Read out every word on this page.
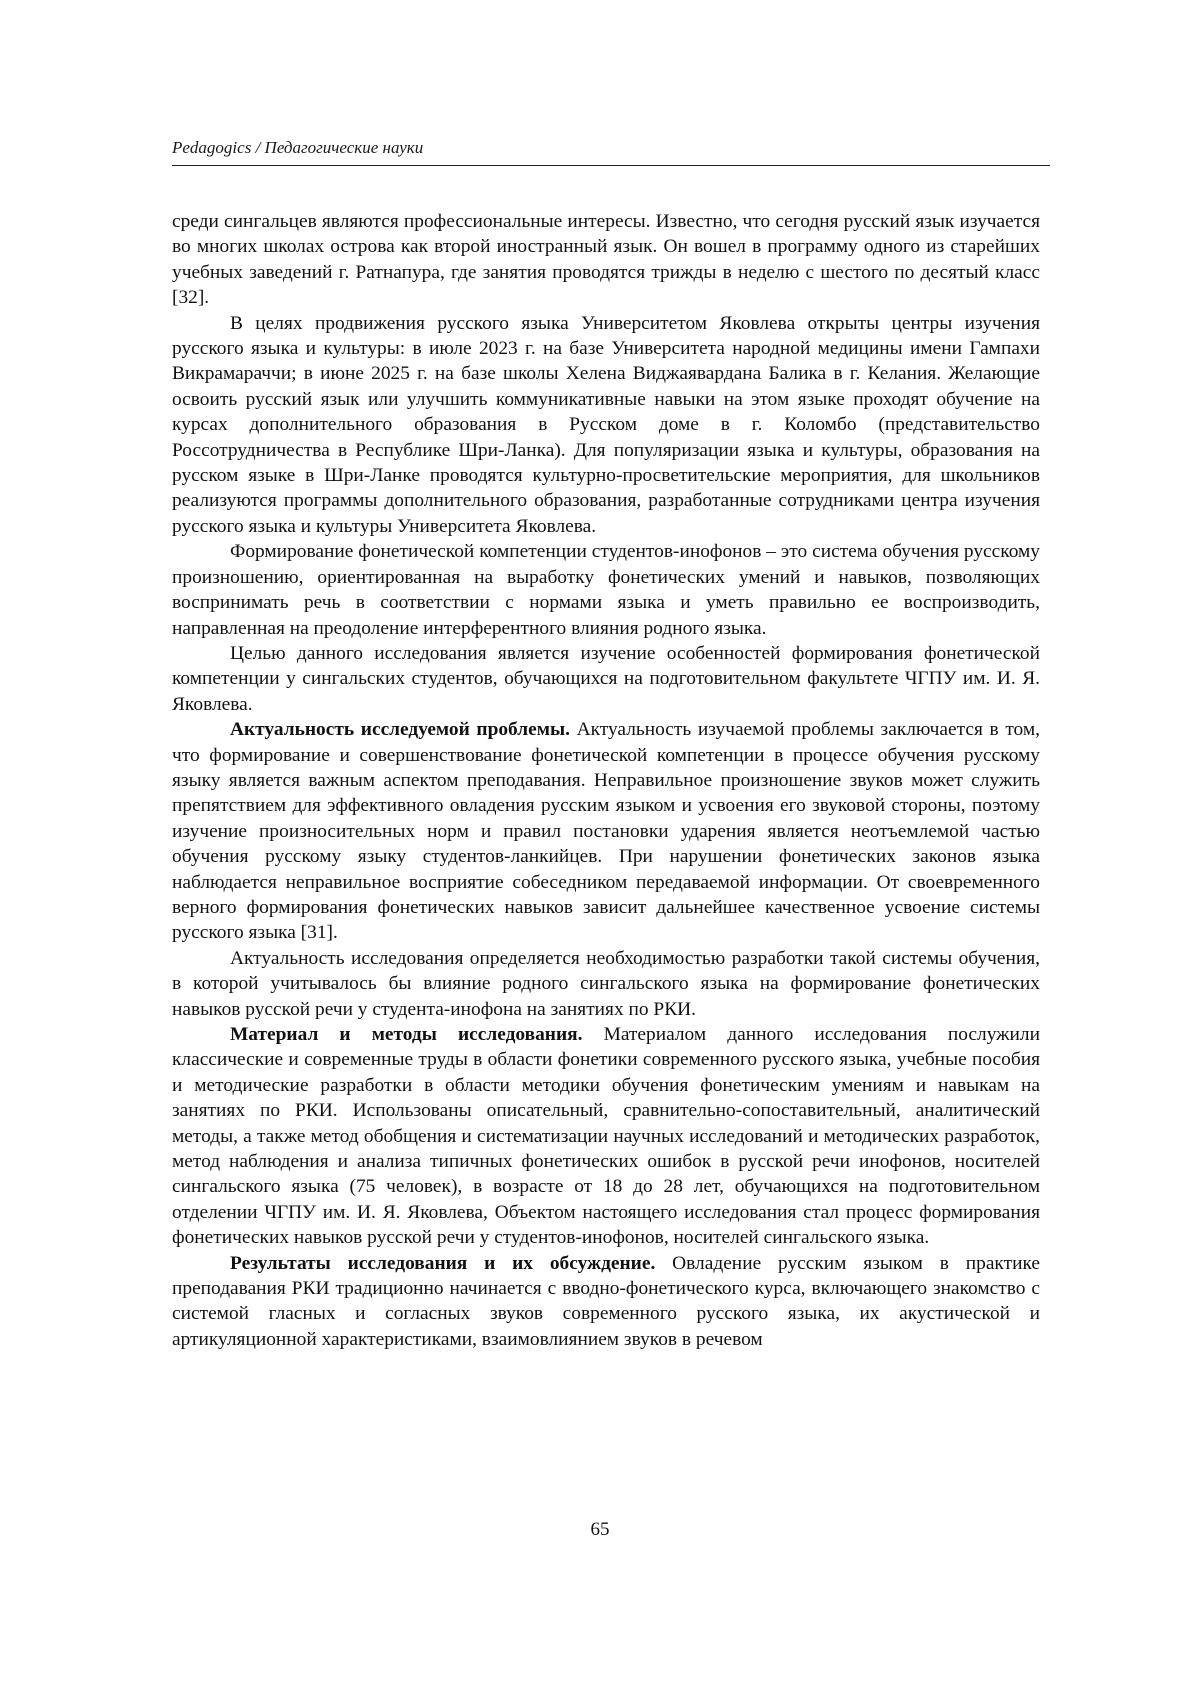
Pedagogics / Педагогические науки

среди сингальцев являются профессиональные интересы. Известно, что сегодня русский язык изучается во многих школах острова как второй иностранный язык. Он вошел в программу одного из старейших учебных заведений г. Ратнапура, где занятия проводятся трижды в неделю с шестого по десятый класс [32].

В целях продвижения русского языка Университетом Яковлева открыты центры изучения русского языка и культуры: в июле 2023 г. на базе Университета народной медицины имени Гампахи Викрамараччи; в июне 2025 г. на базе школы Хелена Виджаявардана Балика в г. Келания. Желающие освоить русский язык или улучшить коммуникативные навыки на этом языке проходят обучение на курсах дополнительного образования в Русском доме в г. Коломбо (представительство Россотрудничества в Республике Шри-Ланка). Для популяризации языка и культуры, образования на русском языке в Шри-Ланке проводятся культурно-просветительские мероприятия, для школьников реализуются программы дополнительного образования, разработанные сотрудниками центра изучения русского языка и культуры Университета Яковлева.

Формирование фонетической компетенции студентов-инофонов – это система обучения русскому произношению, ориентированная на выработку фонетических умений и навыков, позволяющих воспринимать речь в соответствии с нормами языка и уметь правильно ее воспроизводить, направленная на преодоление интерферентного влияния родного языка.

Целью данного исследования является изучение особенностей формирования фонетической компетенции у сингальских студентов, обучающихся на подготовительном факультете ЧГПУ им. И. Я. Яковлева.

Актуальность исследуемой проблемы. Актуальность изучаемой проблемы заключается в том, что формирование и совершенствование фонетической компетенции в процессе обучения русскому языку является важным аспектом преподавания. Неправильное произношение звуков может служить препятствием для эффективного овладения русским языком и усвоения его звуковой стороны, поэтому изучение произносительных норм и правил постановки ударения является неотъемлемой частью обучения русскому языку студентов-ланкийцев. При нарушении фонетических законов языка наблюдается неправильное восприятие собеседником передаваемой информации. От своевременного верного формирования фонетических навыков зависит дальнейшее качественное усвоение системы русского языка [31].

Актуальность исследования определяется необходимостью разработки такой системы обучения, в которой учитывалось бы влияние родного сингальского языка на формирование фонетических навыков русской речи у студента-инофона на занятиях по РКИ.

Материал и методы исследования. Материалом данного исследования послужили классические и современные труды в области фонетики современного русского языка, учебные пособия и методические разработки в области методики обучения фонетическим умениям и навыкам на занятиях по РКИ. Использованы описательный, сравнительно-сопоставительный, аналитический методы, а также метод обобщения и систематизации научных исследований и методических разработок, метод наблюдения и анализа типичных фонетических ошибок в русской речи инофонов, носителей сингальского языка (75 человек), в возрасте от 18 до 28 лет, обучающихся на подготовительном отделении ЧГПУ им. И. Я. Яковлева, Объектом настоящего исследования стал процесс формирования фонетических навыков русской речи у студентов-инофонов, носителей сингальского языка.

Результаты исследования и их обсуждение. Овладение русским языком в практике преподавания РКИ традиционно начинается с вводно-фонетического курса, включающего знакомство с системой гласных и согласных звуков современного русского языка, их акустической и артикуляционной характеристиками, взаимовлиянием звуков в речевом

65
